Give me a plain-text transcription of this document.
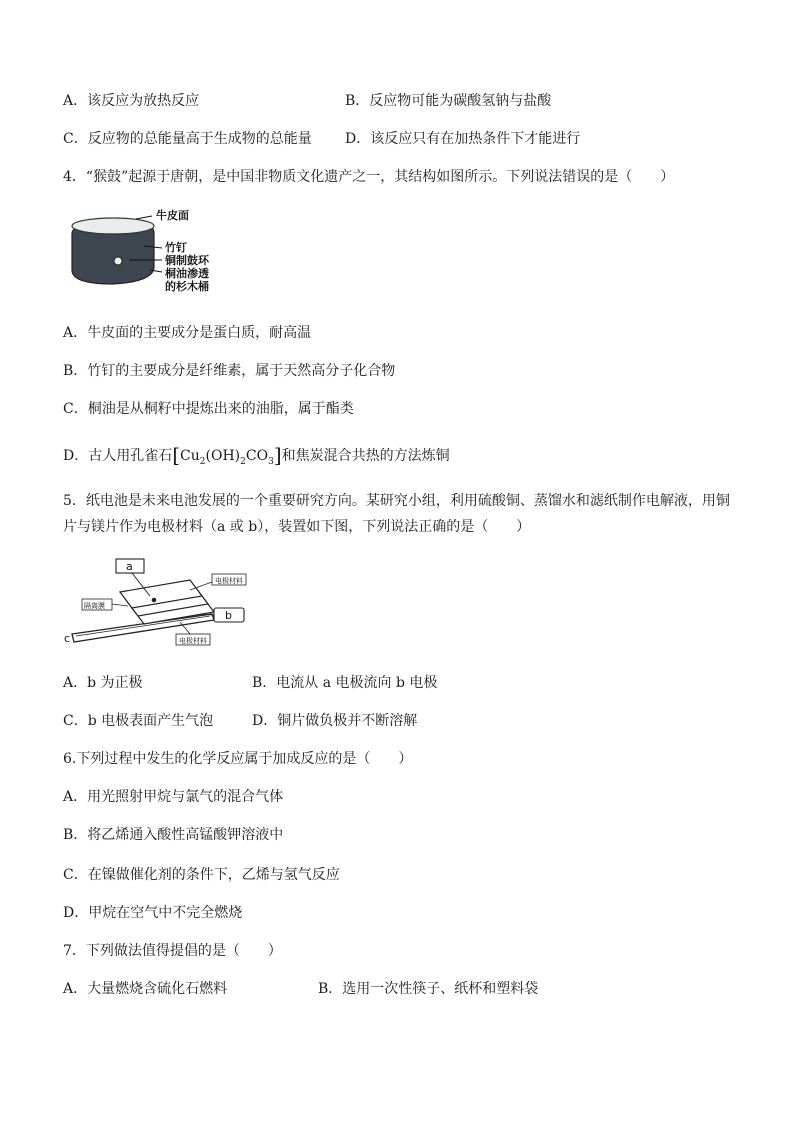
A．该反应为放热反应	B．反应物可能为碳酸氢钠与盐酸
C．反应物的总能量高于生成物的总能量 D．该反应只有在加热条件下才能进行
4．“猴鼓”起源于唐朝，是中国非物质文化遗产之一，其结构如图所示。下列说法错误的是（　　）
牛皮面
竹钉
铜制鼓环
桐油渗透
的杉木桶
A．牛皮面的主要成分是蛋白质，耐高温
B．竹钉的主要成分是纤维素，属于天然高分子化合物
C．桐油是从桐籽中提炼出来的油脂，属于酯类
D．古人用孔雀石$[Cu_2(OH)_2CO_3]$和焦炭混合共热的方法炼铜
5．纸电池是未来电池发展的一个重要研究方向。某研究小组，利用硫酸铜、蒸馏水和滤纸制作电解液，用铜
片与镁片作为电极材料（a 或 b），装置如下图，下列说法正确的是（　　）
a
b
c
电极材料
隔离膜
电极材料
A．b 为正极	B．电流从 a 电极流向 b 电极
C．b 电极表面产生气泡	D．铜片做负极并不断溶解
6.下列过程中发生的化学反应属于加成反应的是（　　）
A．用光照射甲烷与氯气的混合气体
B．将乙烯通入酸性高锰酸钾溶液中
C．在镍做催化剂的条件下，乙烯与氢气反应
D．甲烷在空气中不完全燃烧
7．下列做法值得提倡的是（　　）
A．大量燃烧含硫化石燃料	B．选用一次性筷子、纸杯和塑料袋
